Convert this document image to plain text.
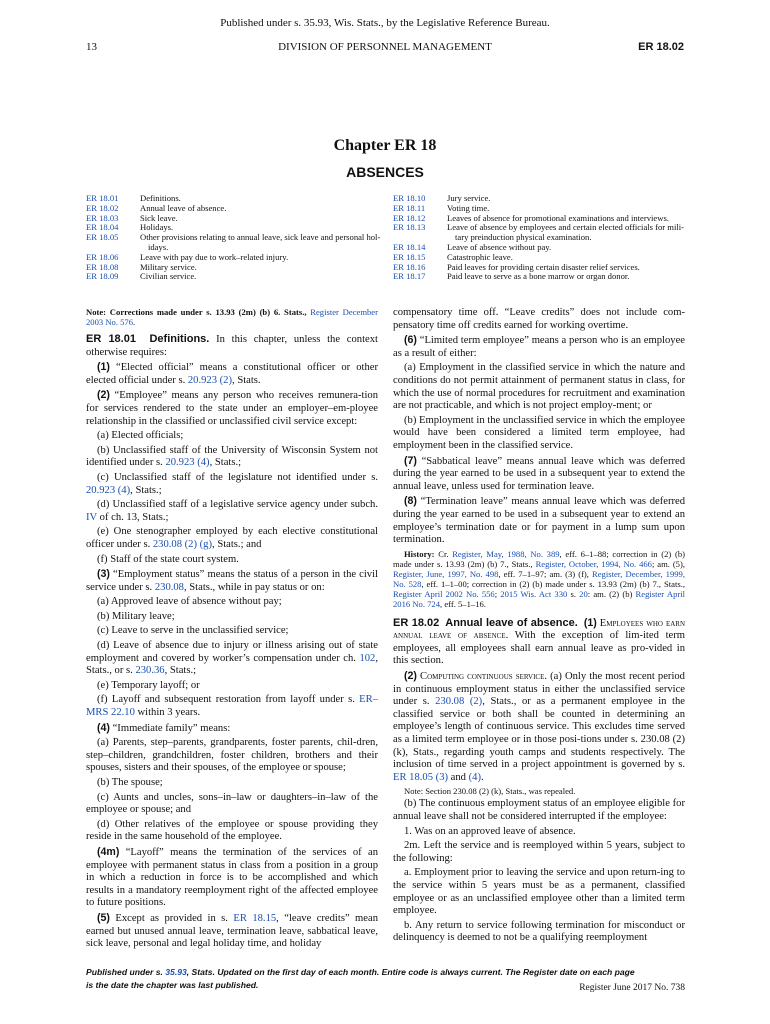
Published under s. 35.93, Wis. Stats., by the Legislative Reference Bureau.
13	DIVISION OF PERSONNEL MANAGEMENT	ER 18.02
Chapter ER 18
ABSENCES
ER 18.01	Definitions.
ER 18.02	Annual leave of absence.
ER 18.03	Sick leave.
ER 18.04	Holidays.
ER 18.05	Other provisions relating to annual leave, sick leave and personal hol-
idays.
ER 18.06	Leave with pay due to work–related injury.
ER 18.08	Military service.
ER 18.09	Civilian service.
ER 18.10	Jury service.
ER 18.11	Voting time.
ER 18.12	Leaves of absence for promotional examinations and interviews.
ER 18.13	Leave of absence by employees and certain elected officials for mili-
tary preinduction physical examination.
ER 18.14	Leave of absence without pay.
ER 18.15	Catastrophic leave.
ER 18.16	Paid leaves for providing certain disaster relief services.
ER 18.17	Paid leave to serve as a bone marrow or organ donor.

Note: Corrections made under s. 13.93 (2m) (b) 6. Stats., Register December 2003 No. 576.

ER 18.01 Definitions. In this chapter, unless the context otherwise requires:

(1) “Elected official” means a constitutional officer or other elected official under s. 20.923 (2), Stats.

(2) “Employee” means any person who receives remunera-tion for services rendered to the state under an employer–em-ployee relationship in the classified or unclassified civil service except:

(a) Elected officials;

(b) Unclassified staff of the University of Wisconsin System not identified under s. 20.923 (4), Stats.;

(c) Unclassified staff of the legislature not identified under s. 20.923 (4), Stats.;

(d) Unclassified staff of a legislative service agency under subch. IV of ch. 13, Stats.;

(e) One stenographer employed by each elective constitutional officer under s. 230.08 (2) (g), Stats.; and

(f) Staff of the state court system.

(3) “Employment status” means the status of a person in the civil service under s. 230.08, Stats., while in pay status or on:

(a) Approved leave of absence without pay;

(b) Military leave;

(c) Leave to serve in the unclassified service;

(d) Leave of absence due to injury or illness arising out of state employment and covered by worker’s compensation under ch. 102, Stats., or s. 230.36, Stats.;

(e) Temporary layoff; or

(f) Layoff and subsequent restoration from layoff under s. ER–MRS 22.10 within 3 years.

(4) “Immediate family” means:

(a) Parents, step–parents, grandparents, foster parents, chil-dren, step–children, grandchildren, foster children, brothers and their spouses, sisters and their spouses, of the employee or spouse;

(b) The spouse;

(c) Aunts and uncles, sons–in–law or daughters–in–law of the employee or spouse; and

(d) Other relatives of the employee or spouse providing they reside in the same household of the employee.

(4m) “Layoff” means the termination of the services of an employee with permanent status in class from a position in a group in which a reduction in force is to be accomplished and which results in a mandatory reemployment right of the affected employee to future positions.

(5) Except as provided in s. ER 18.15, “leave credits” mean earned but unused annual leave, termination leave, sabbatical leave, sick leave, personal and legal holiday time, and holiday

compensatory time off. “Leave credits” does not include com-pensatory time off credits earned for working overtime.

(6) “Limited term employee” means a person who is an employee as a result of either:

(a) Employment in the classified service in which the nature and conditions do not permit attainment of permanent status in class, for which the use of normal procedures for recruitment and examination are not practicable, and which is not project employ-ment; or

(b) Employment in the unclassified service in which the employee would have been considered a limited term employee, had employment been in the classified service.

(7) “Sabbatical leave” means annual leave which was deferred during the year earned to be used in a subsequent year to extend the annual leave, unless used for termination leave.

(8) “Termination leave” means annual leave which was deferred during the year earned to be used in a subsequent year to extend an employee’s termination date or for payment in a lump sum upon termination.

History: Cr. Register, May, 1988, No. 389, eff. 6–1–88; correction in (2) (b) made under s. 13.93 (2m) (b) 7., Stats., Register, October, 1994, No. 466; am. (5), Register, June, 1997, No. 498, eff. 7–1–97; am. (3) (f), Register, December, 1999, No. 528, eff. 1–1–00; correction in (2) (b) made under s. 13.93 (2m) (b) 7., Stats., Register April 2002 No. 556; 2015 Wis. Act 330 s. 20: am. (2) (b) Register April 2016 No. 724, eff. 5–1–16.

ER 18.02 Annual leave of absence. (1) Employees who earn annual leave of absence. With the exception of lim-ited term employees, all employees shall earn annual leave as pro-vided in this section.

(2) Computing continuous service. (a) Only the most recent period in continuous employment status in either the unclassified service under s. 230.08 (2), Stats., or as a permanent employee in the classified service or both shall be counted in determining an employee’s length of continuous service. This excludes time served as a limited term employee or in those posi-tions under s. 230.08 (2) (k), Stats., regarding youth camps and students respectively. The inclusion of time served in a project appointment is governed by s. ER 18.05 (3) and (4).

Note: Section 230.08 (2) (k), Stats., was repealed.

(b) The continuous employment status of an employee eligible for annual leave shall not be considered interrupted if the employee:

1. Was on an approved leave of absence.

2m. Left the service and is reemployed within 5 years, subject to the following:

a. Employment prior to leaving the service and upon return-ing to the service within 5 years must be as a permanent, classified employee or as an unclassified employee other than a limited term employee.

b. Any return to service following termination for misconduct or delinquency is deemed to not be a qualifying reemployment

Published under s. 35.93, Stats. Updated on the first day of each month. Entire code is always current. The Register date on each page
is the date the chapter was last published.	Register June 2017 No. 738
